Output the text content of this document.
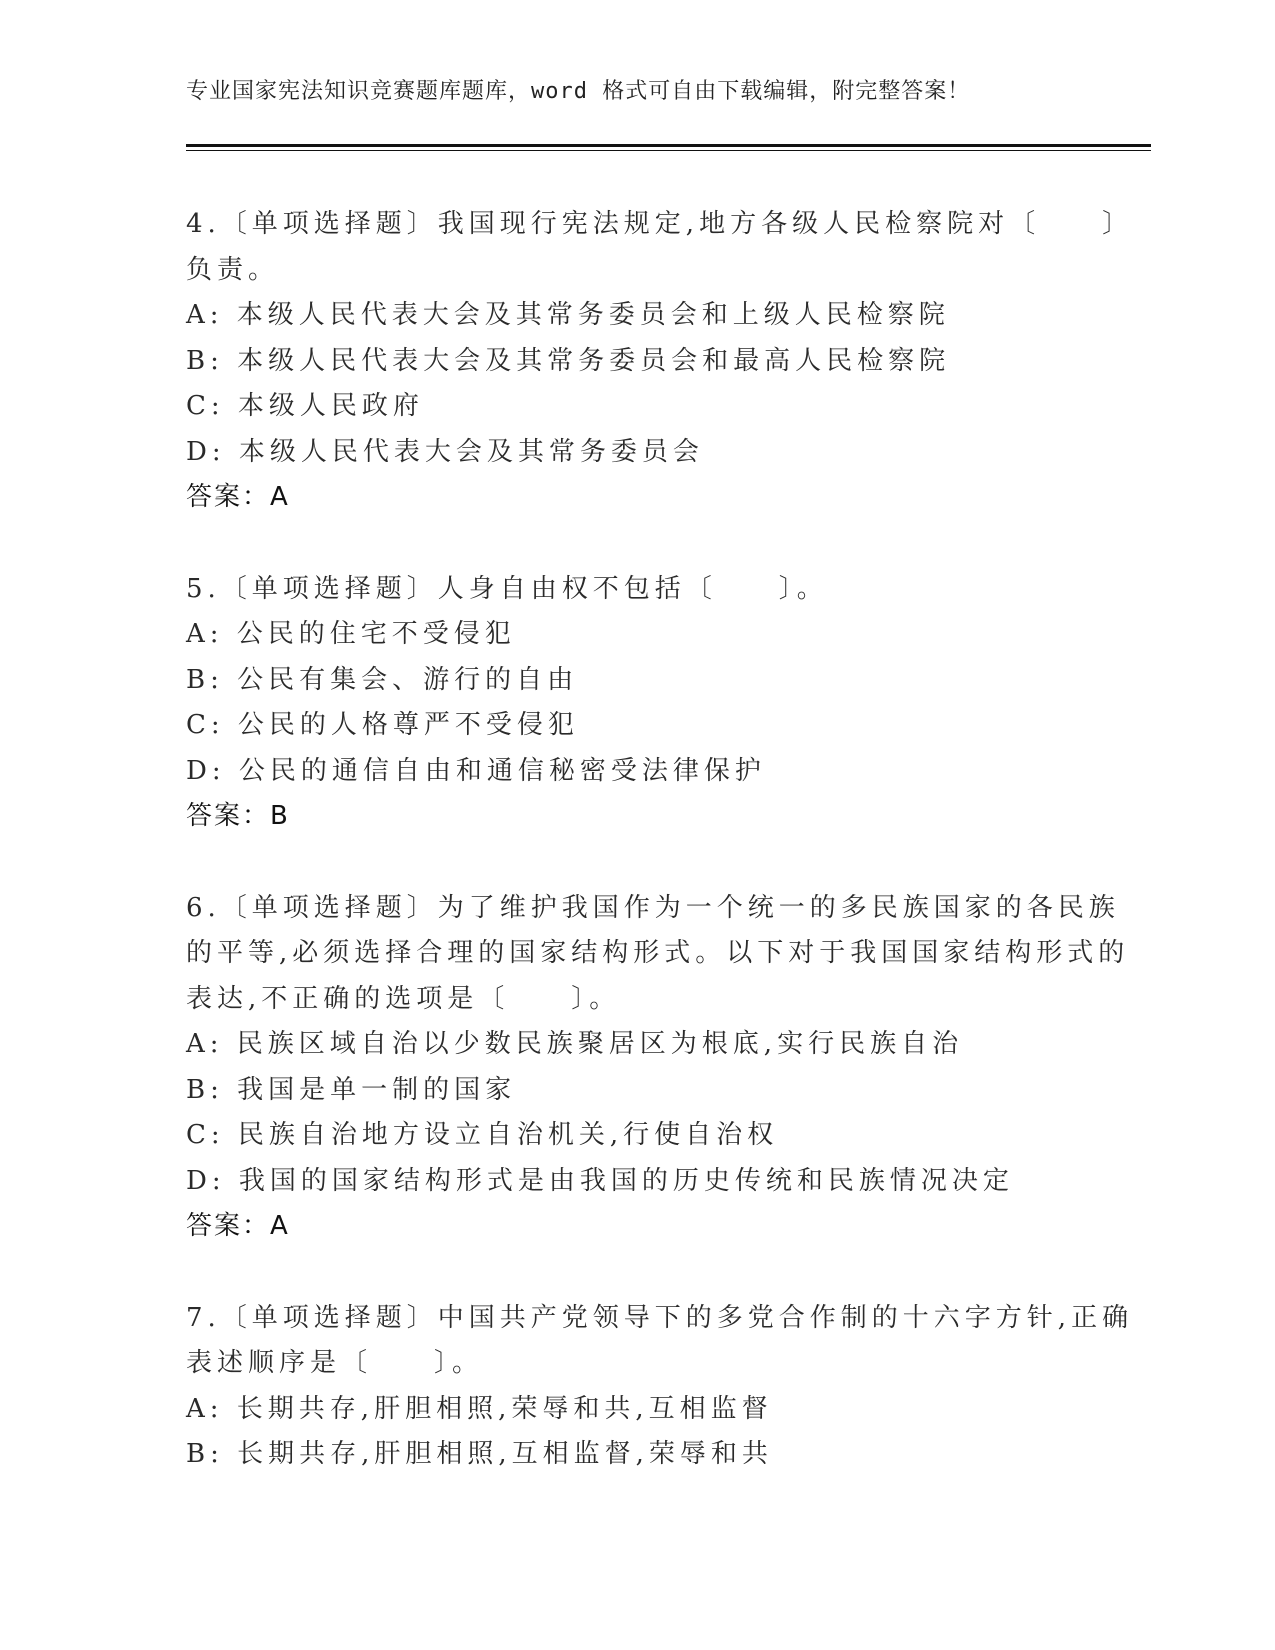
专业国家宪法知识竞赛题库题库，word 格式可自由下载编辑，附完整答案！
4.〔单项选择题〕我国现行宪法规定,地方各级人民检察院对〔　　〕
负责。
A: 本级人民代表大会及其常务委员会和上级人民检察院
B: 本级人民代表大会及其常务委员会和最高人民检察院
C: 本级人民政府
D: 本级人民代表大会及其常务委员会
答案：A
5.〔单项选择题〕人身自由权不包括〔　　〕。
A: 公民的住宅不受侵犯
B: 公民有集会、游行的自由
C: 公民的人格尊严不受侵犯
D: 公民的通信自由和通信秘密受法律保护
答案：B
6.〔单项选择题〕为了维护我国作为一个统一的多民族国家的各民族
的平等,必须选择合理的国家结构形式。以下对于我国国家结构形式的
表达,不正确的选项是〔　　〕。
A: 民族区域自治以少数民族聚居区为根底,实行民族自治
B: 我国是单一制的国家
C: 民族自治地方设立自治机关,行使自治权
D: 我国的国家结构形式是由我国的历史传统和民族情况决定
答案：A
7.〔单项选择题〕中国共产党领导下的多党合作制的十六字方针,正确
表述顺序是〔　　〕。
A: 长期共存,肝胆相照,荣辱和共,互相监督
B: 长期共存,肝胆相照,互相监督,荣辱和共
